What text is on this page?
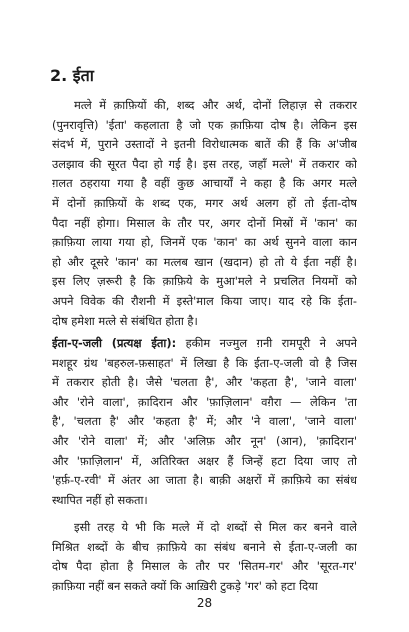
2. ईता
मत्ले में क़ाफ़ियों की, शब्द और अर्थ, दोनों लिहाज़ से तकरार
(पुनरावृत्ति) 'ईता' कहलाता है जो एक क़ाफ़िया दोष है। लेकिन इस
संदर्भ में, पुराने उस्तादों ने इतनी विरोधात्मक बातें की हैं कि अ'जीब
उलझाव की सूरत पैदा हो गई है। इस तरह, जहाँ मत्ले' में तकरार को
ग़लत ठहराया गया है वहीं कुछ आचार्यों ने कहा है कि अगर मत्ले
में दोनों क़ाफ़ियों के शब्द एक, मगर अर्थ अलग हों तो ईता-दोष
पैदा नहीं होगा। मिसाल के तौर पर, अगर दोनों मिस्रों में 'कान' का
क़ाफ़िया लाया गया हो, जिनमें एक 'कान' का अर्थ सुनने वाला कान
हो और दूसरे 'कान' का मत्लब खान (खदान) हो तो ये ईता नहीं है।
इस लिए ज़रूरी है कि क़ाफ़िये के मुआ'मले ने प्रचलित नियमों को
अपने विवेक की रौशनी में इस्ते'माल किया जाए। याद रहे कि ईता-
दोष हमेशा मत्ले से संबंधित होता है।
ईता-ए-जली (प्रत्यक्ष ईता): हकीम नज्मुल ग़नी रामपूरी ने अपने
मशहूर ग्रंथ 'बहरुल-फ़साहत' में लिखा है कि ईता-ए-जली वो है जिस
में तकरार होती है। जैसे 'चलता है', और 'कहता है', 'जाने वाला'
और 'रोने वाला', क़ादिरान और 'फ़ाज़िलान' वग़ैरा — लेकिन 'ता
है', 'चलता है' और 'कहता है' में; और 'ने वाला', 'जाने वाला'
और 'रोने वाला' में; और 'अलिफ़ और नून' (आन), 'क़ादिरान'
और 'फ़ाज़िलान' में, अतिरिक्त अक्षर हैं जिन्हें हटा दिया जाए तो
'हर्फ़-ए-रवी' में अंतर आ जाता है। बाक़ी अक्षरों में क़ाफ़िये का संबंध
स्थापित नहीं हो सकता।
इसी तरह ये भी कि मत्ले में दो शब्दों से मिल कर बनने वाले
मिश्रित शब्दों के बीच क़ाफ़िये का संबंध बनाने से ईता-ए-जली का
दोष पैदा होता है मिसाल के तौर पर 'सितम-गर' और 'सूरत-गर'
क़ाफ़िया नहीं बन सकते क्यों कि आख़िरी टुकड़े 'गर' को हटा दिया
28
